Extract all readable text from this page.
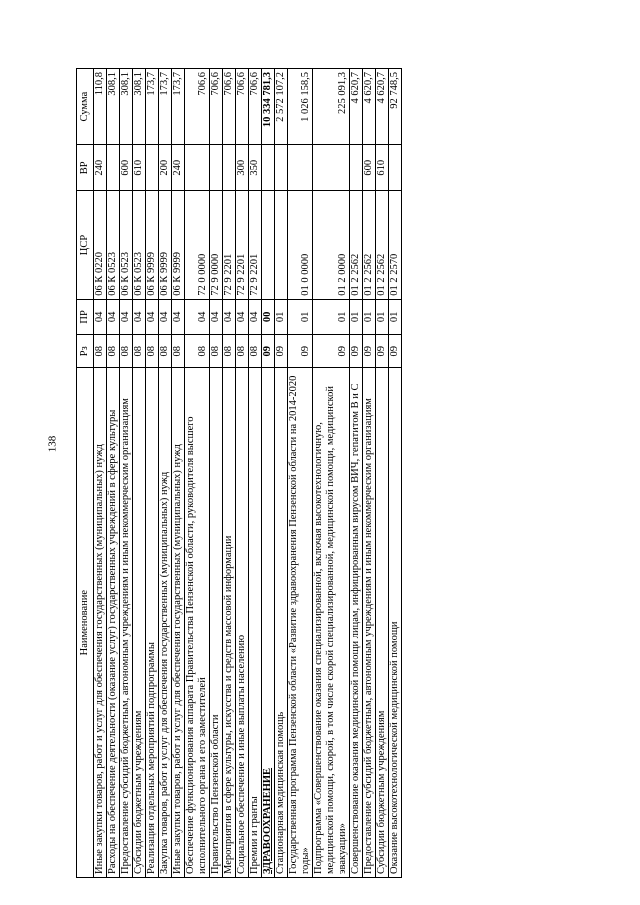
138
Наименование	Рз	ПР	ЦСР	ВР	Сумма
Иные закупки товаров, работ и услуг для обеспечения государственных (муниципальных) нужд	08	04	06 К 0220	240	110,8
Расходы на обеспечение деятельности (оказание услуг) государственных учреждений в сфере культуры	08	04	06 К 0523		308,1
Предоставление субсидий бюджетным, автономным учреждениям и иным некоммерческим организациям	08	04	06 К 0523	600	308,1
Субсидии бюджетным учреждениям	08	04	06 К 0523	610	308,1
Реализация отдельных мероприятий подпрограммы	08	04	06 К 9999		173,7
Закупка товаров, работ и услуг для обеспечения государственных (муниципальных) нужд	08	04	06 К 9999	200	173,7
Иные закупки товаров, работ и услуг для обеспечения государственных (муниципальных) нужд	08	04	06 К 9999	240	173,7
Обеспечение функционирования аппарата Правительства Пензенской области, руководителя высшего исполнительного органа и его заместителей	08	04	72 0 0000		706,6
Правительство Пензенской области	08	04	72 9 0000		706,6
Мероприятия в сфере культуры, искусства и средств массовой информации	08	04	72 9 2201		706,6
Социальное обеспечение и иные выплаты населению	08	04	72 9 2201	300	706,6
Премии и гранты	08	04	72 9 2201	350	706,6
ЗДРАВООХРАНЕНИЕ	09	00			10 334 781,3
Стационарная медицинская помощь	09	01			2 572 107,2
Государственная программа Пензенской области «Развитие здравоохранения Пензенской области на 2014-2020 годы»	09	01	01 0 0000		1 026 158,5
Подпрограмма «Совершенствование оказания специализированной, включая высокотехнологичную, медицинской помощи, скорой, в том числе скорой специализированной, медицинской помощи, медицинской эвакуации»	09	01	01 2 0000		225 091,3
Совершенствование оказания медицинской помощи лицам, инфицированным вирусом ВИЧ, гепатитом В и С	09	01	01 2 2562		4 620,7
Предоставление субсидий бюджетным, автономным учреждениям и иным некоммерческим организациям	09	01	01 2 2562	600	4 620,7
Субсидии бюджетным учреждениям	09	01	01 2 2562	610	4 620,7
Оказание высокотехнологической медицинской помощи	09	01	01 2 2570		92 748,5
